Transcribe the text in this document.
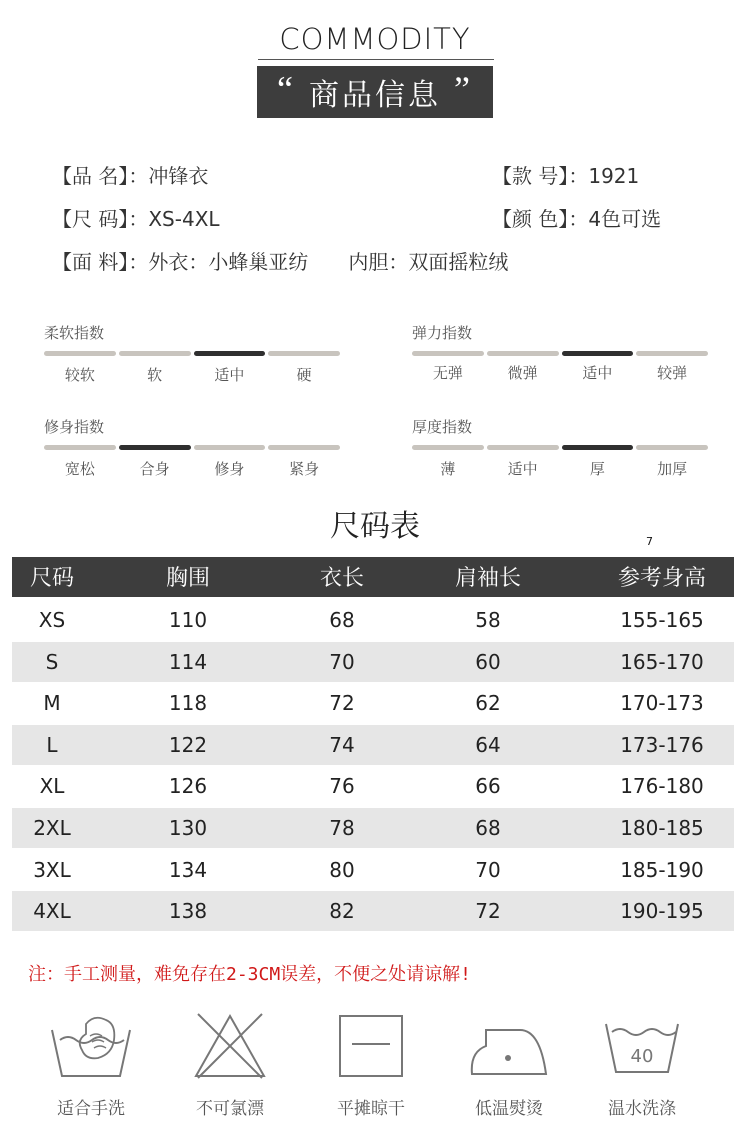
COMMODITY
“ 商品信息 ”
【品 名】：冲锋衣	【款 号】：1921
【尺 码】：XS-4XL	【颜 色】：4色可选
【面 料】：外衣：小蜂巢亚纺 内胆：双面摇粒绒
柔软指数
较软	软	适中	硬
弹力指数
无弹	微弹	适中	较弹
修身指数
宽松	合身	修身	紧身
厚度指数
薄	适中	厚	加厚
尺码表	7
尺码	胸围	衣长	肩袖长	参考身高
XS	110	68	58	155-165
S	114	70	60	165-170
M	118	72	62	170-173
L	122	74	64	173-176
XL	126	76	66	176-180
2XL	130	78	68	180-185
3XL	134	80	70	185-190
4XL	138	82	72	190-195
注：手工测量，难免存在2-3CM误差，不便之处请谅解!
适合手洗	不可氯漂	平摊晾干	低温熨烫
40
温水洗涤
